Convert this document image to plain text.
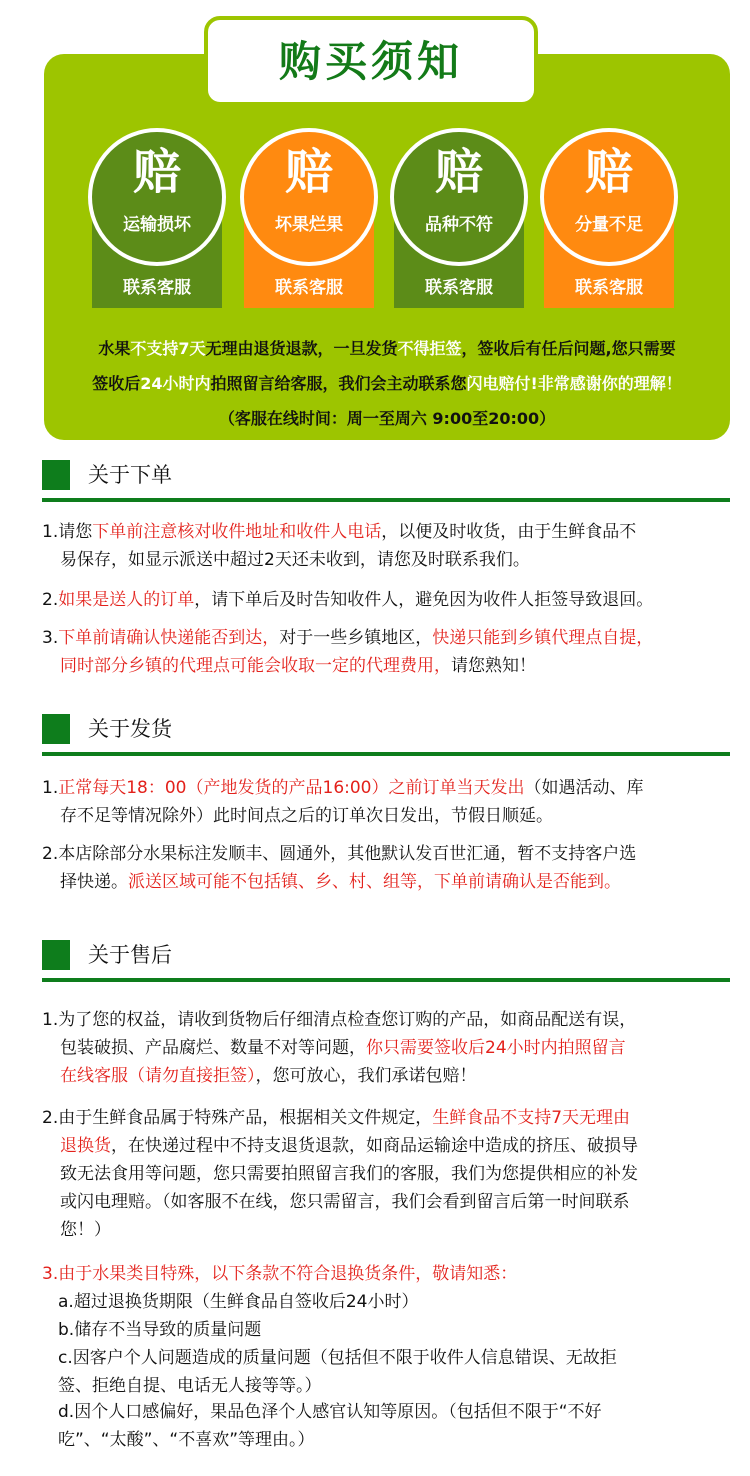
购买须知
赔
运输损坏
联系客服
赔
坏果烂果
联系客服
赔
品种不符
联系客服
赔
分量不足
联系客服
水果不支持7天无理由退货退款，一旦发货不得拒签，签收后有任后问题,您只需要
签收后24小时内拍照留言给客服，我们会主动联系您闪电赔付!非常感谢你的理解！
（客服在线时间：周一至周六 9:00至20:00）
关于下单
1.请您下单前注意核对收件地址和收件人电话，以便及时收货，由于生鲜食品不
易保存，如显示派送中超过2天还未收到，请您及时联系我们。
2.如果是送人的订单，请下单后及时告知收件人，避免因为收件人拒签导致退回。
3.下单前请确认快递能否到达，对于一些乡镇地区，快递只能到乡镇代理点自提，
同时部分乡镇的代理点可能会收取一定的代理费用，请您熟知！
关于发货
1.正常每天18：00（产地发货的产品16:00）之前订单当天发出（如遇活动、库
存不足等情况除外）此时间点之后的订单次日发出，节假日顺延。
2.本店除部分水果标注发顺丰、圆通外，其他默认发百世汇通，暂不支持客户选
择快递。派送区域可能不包括镇、乡、村、组等，下单前请确认是否能到。
关于售后
1.为了您的权益，请收到货物后仔细清点检查您订购的产品，如商品配送有误，
包装破损、产品腐烂、数量不对等问题，你只需要签收后24小时内拍照留言
在线客服（请勿直接拒签），您可放心，我们承诺包赔！
2.由于生鲜食品属于特殊产品，根据相关文件规定，生鲜食品不支持7天无理由
退换货，在快递过程中不持支退货退款，如商品运输途中造成的挤压、破损导
致无法食用等问题，您只需要拍照留言我们的客服，我们为您提供相应的补发
或闪电理赔。（如客服不在线，您只需留言，我们会看到留言后第一时间联系
您！）
3.由于水果类目特殊，以下条款不符合退换货条件，敬请知悉：
a.超过退换货期限（生鲜食品自签收后24小时）
b.储存不当导致的质量问题
c.因客户个人问题造成的质量问题（包括但不限于收件人信息错误、无故拒
签、拒绝自提、电话无人接等等。）
d.因个人口感偏好，果品色泽个人感官认知等原因。（包括但不限于“不好
吃”、“太酸”、“不喜欢”等理由。）
